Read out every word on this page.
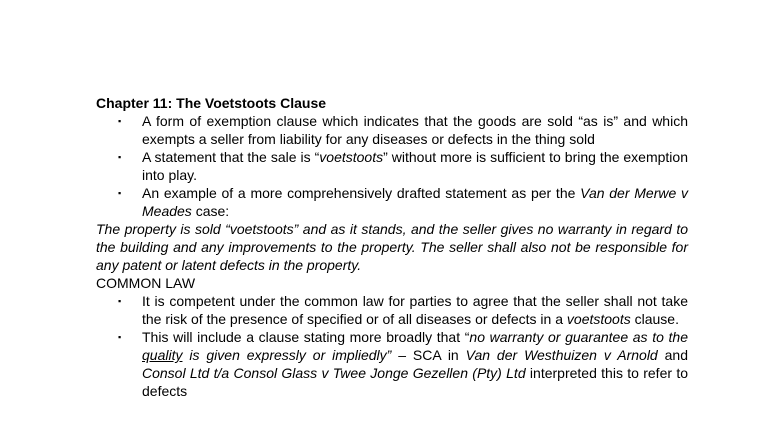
Chapter 11: The Voetstoots Clause

▪ A form of exemption clause which indicates that the goods are sold “as is” and which exempts a seller from liability for any diseases or defects in the thing sold
▪ A statement that the sale is “voetstoots” without more is sufficient to bring the exemption into play.
▪ An example of a more comprehensively drafted statement as per the Van der Merwe v Meades case:

The property is sold “voetstoots” and as it stands, and the seller gives no warranty in regard to the building and any improvements to the property. The seller shall also not be responsible for any patent or latent defects in the property.

COMMON LAW

▪ It is competent under the common law for parties to agree that the seller shall not take the risk of the presence of specified or of all diseases or defects in a voetstoots clause.
▪ This will include a clause stating more broadly that “no warranty or guarantee as to the quality is given expressly or impliedly” – SCA in Van der Westhuizen v Arnold and Consol Ltd t/a Consol Glass v Twee Jonge Gezellen (Pty) Ltd interpreted this to refer to defects
